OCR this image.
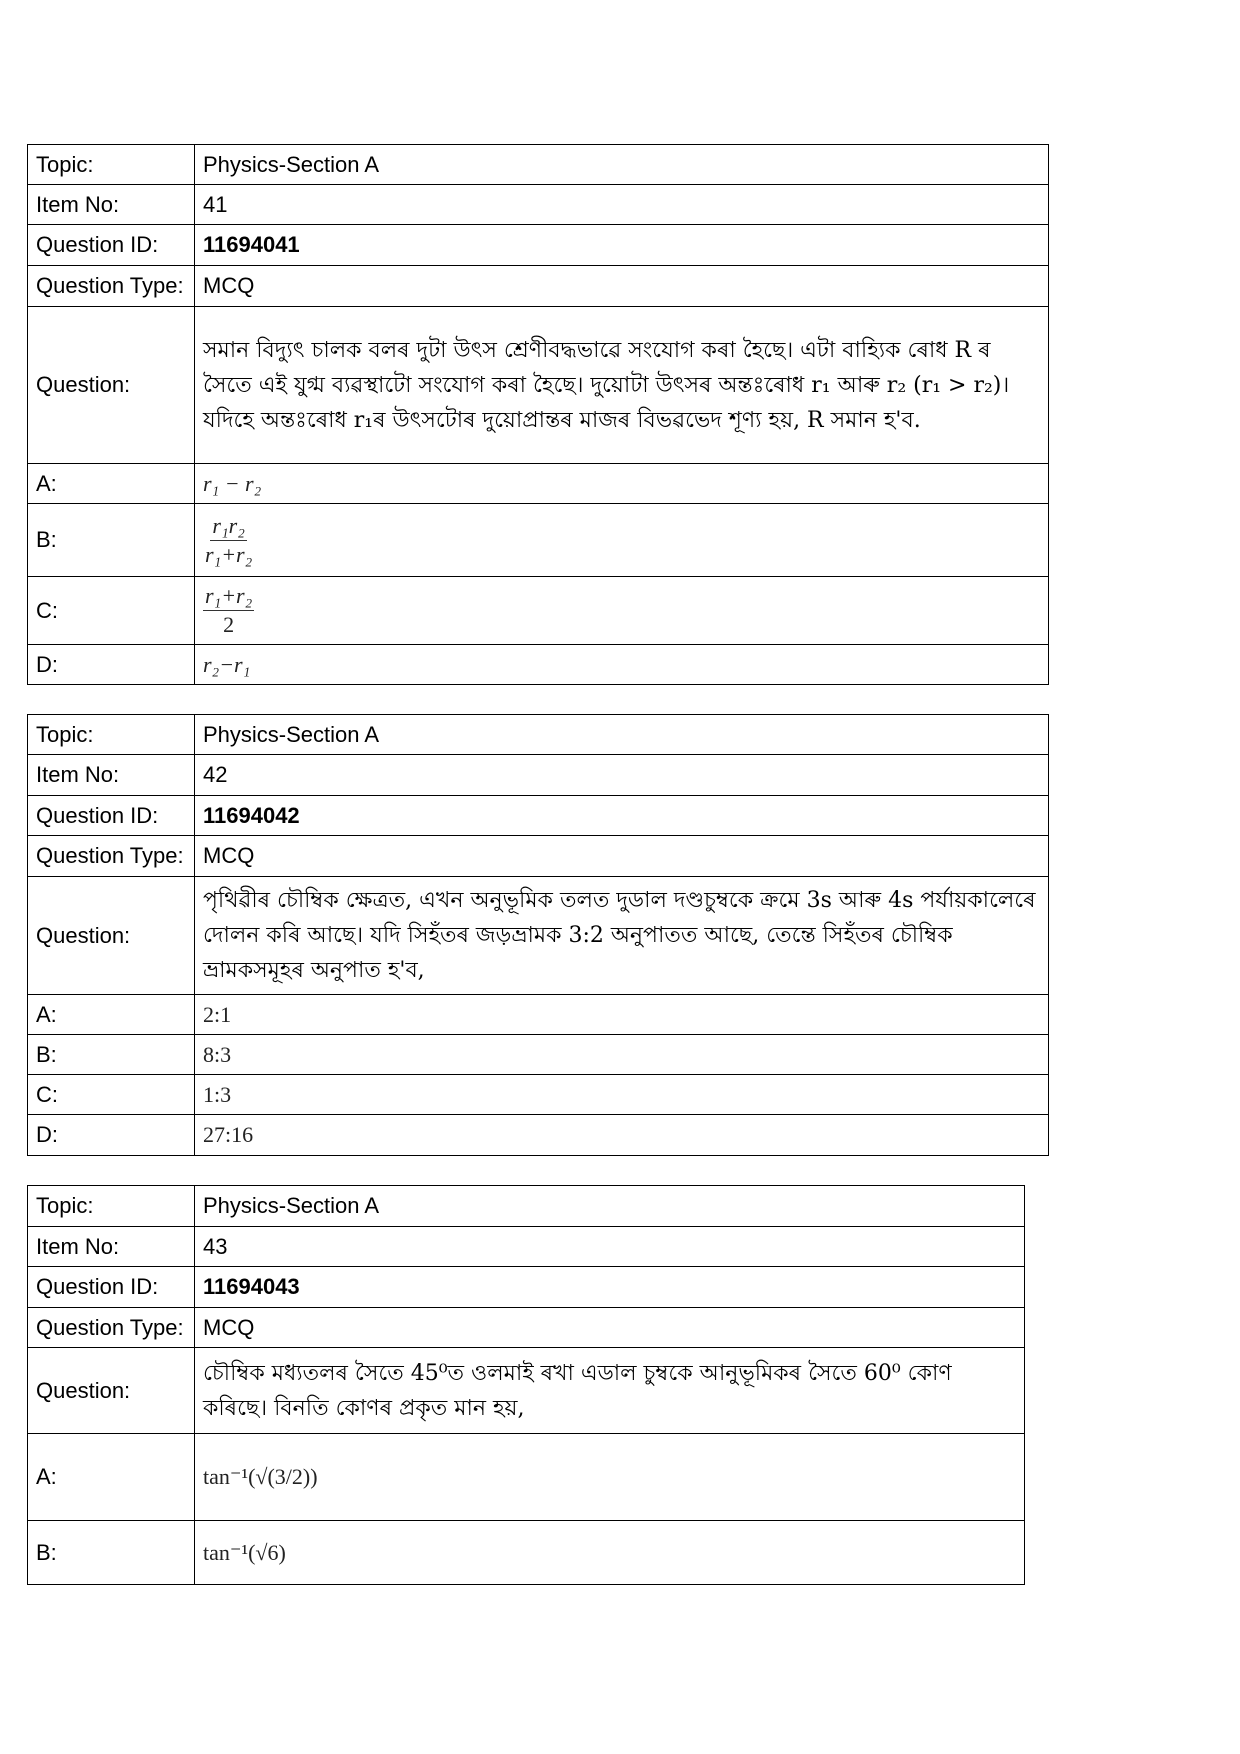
Topic:	Physics-Section A
Item No:	41
Question ID:	11694041
Question Type:	MCQ
Question:	সমান বিদ্যুৎ চালক বলৰ দুটা উৎস শ্ৰেণীবদ্ধভাৱে সংযোগ কৰা হৈছে। এটা বাহ্যিক ৰোধ R ৰ সৈতে এই যুগ্ম ব্যৱস্থাটো সংযোগ কৰা হৈছে। দুয়োটা উৎসৰ অন্তঃৰোধ r₁ আৰু r₂ (r₁ > r₂)। যদিহে অন্তঃৰোধ r₁ৰ উৎসটোৰ দুয়োপ্ৰান্তৰ মাজৰ বিভৱভেদ শূণ্য হয়, R সমান হ'ব.
A:	r₁ − r₂
B:	$\frac{\text{r₁r₂}}{\text{r₁+r₂}}$

C:	$\frac{\text{r₁+r₂}}{2}$

D:	r₂−r₁
Topic:	Physics-Section A
Item No:	42
Question ID:	11694042
Question Type:	MCQ
Question:	পৃথিৱীৰ চৌম্বিক ক্ষেত্ৰত, এখন অনুভূমিক তলত দুডাল দণ্ডচুম্বকে ক্ৰমে 3s আৰু 4s পৰ্যায়কালেৰে দোলন কৰি আছে। যদি সিহঁতৰ জড়ভ্ৰামক 3:2 অনুপাতত আছে, তেন্তে সিহঁতৰ চৌম্বিক ভ্ৰামকসমূহৰ অনুপাত হ'ব,
A:	2:1
B:	8:3
C:	1:3
D:	27:16
Topic:	Physics-Section A
Item No:	43
Question ID:	11694043
Question Type:	MCQ
Question:	চৌম্বিক মধ্যতলৰ সৈতে 45⁰ত ওলমাই ৰখা এডাল চুম্বকে আনুভূমিকৰ সৈতে 60⁰ কোণ কৰিছে। বিনতি কোণৰ প্ৰকৃত মান হয়,
A:	tan⁻¹(√(3/2))
B:	tan⁻¹(√6)
